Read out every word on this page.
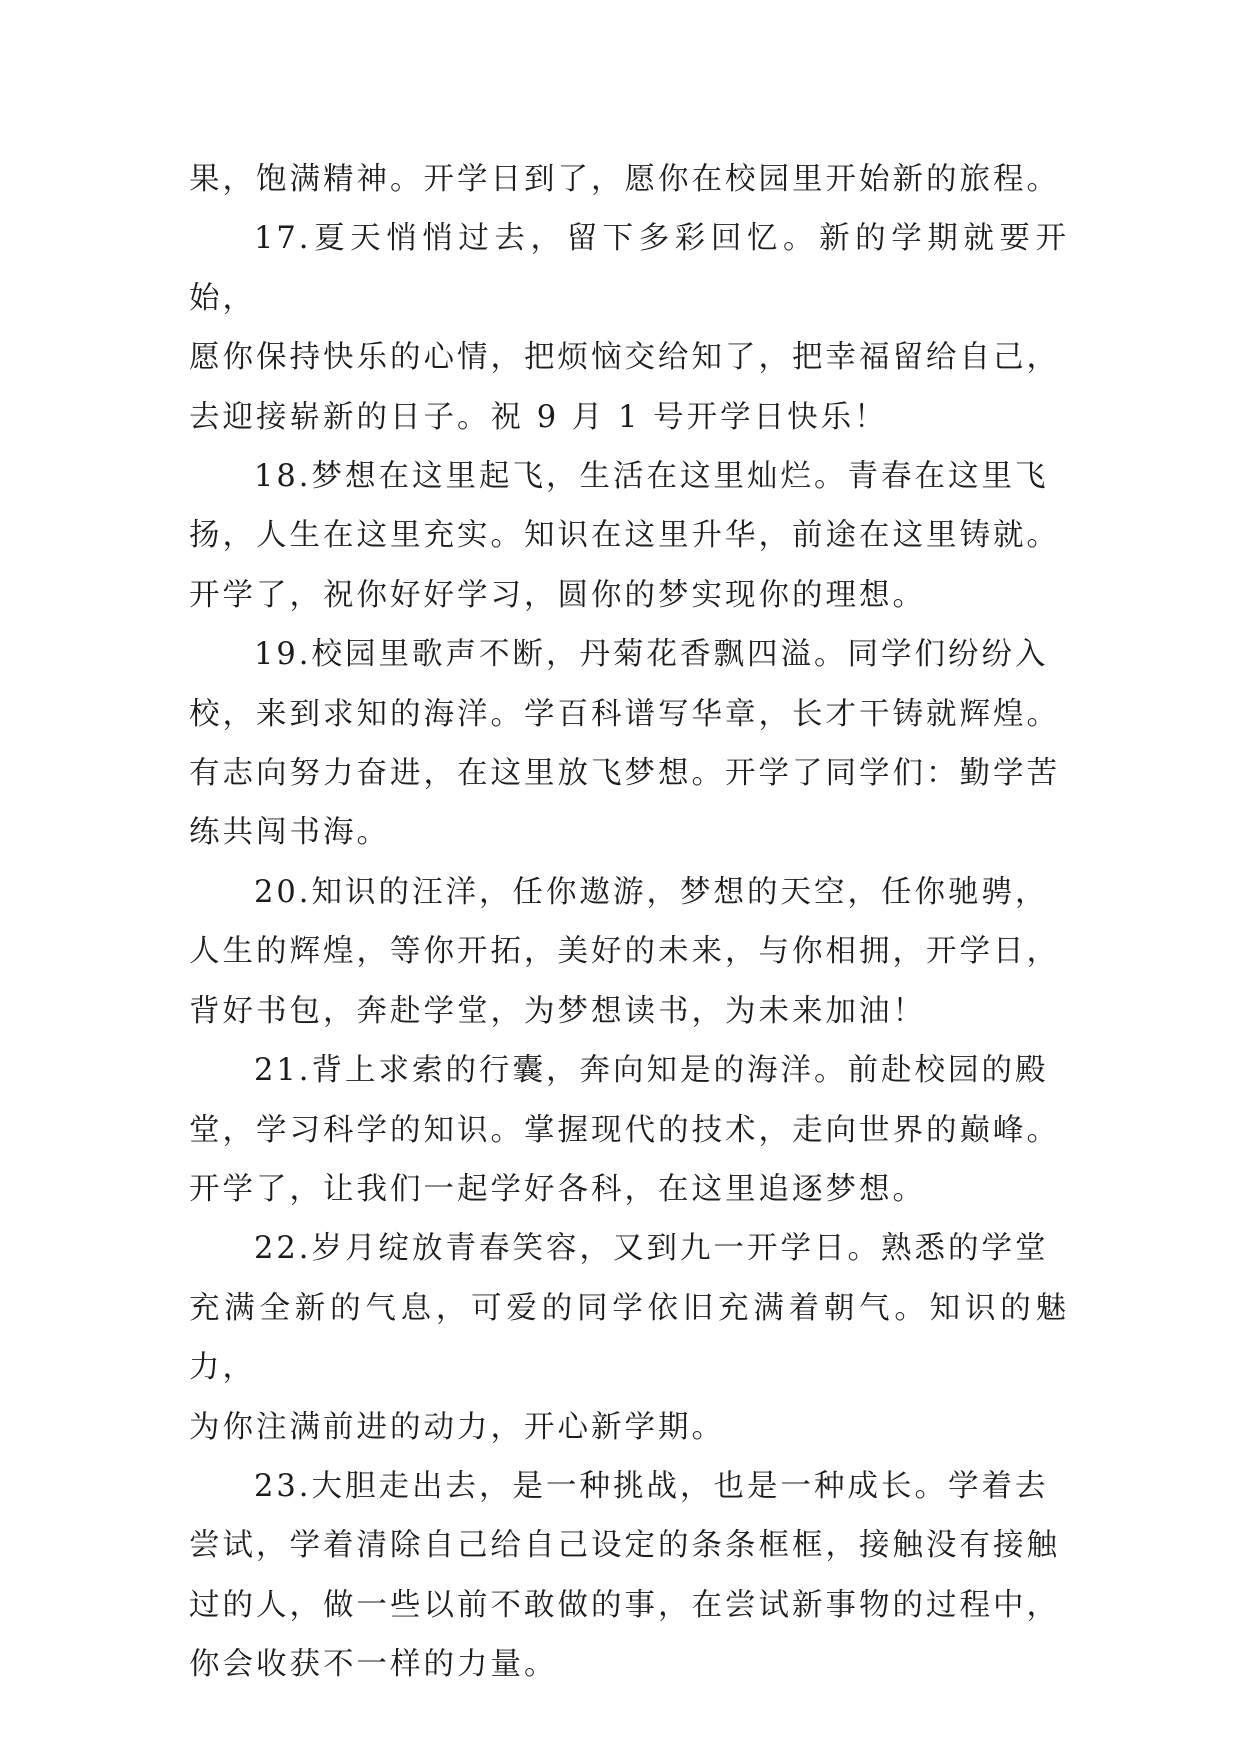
果，饱满精神。开学日到了，愿你在校园里开始新的旅程。

17.夏天悄悄过去，留下多彩回忆。新的学期就要开始，
愿你保持快乐的心情，把烦恼交给知了，把幸福留给自己，
去迎接崭新的日子。祝 9 月 1 号开学日快乐！

18.梦想在这里起飞，生活在这里灿烂。青春在这里飞
扬，人生在这里充实。知识在这里升华，前途在这里铸就。
开学了，祝你好好学习，圆你的梦实现你的理想。

19.校园里歌声不断，丹菊花香飘四溢。同学们纷纷入
校，来到求知的海洋。学百科谱写华章，长才干铸就辉煌。
有志向努力奋进，在这里放飞梦想。开学了同学们：勤学苦
练共闯书海。

20.知识的汪洋，任你遨游，梦想的天空，任你驰骋，
人生的辉煌，等你开拓，美好的未来，与你相拥，开学日，
背好书包，奔赴学堂，为梦想读书，为未来加油！

21.背上求索的行囊，奔向知是的海洋。前赴校园的殿
堂，学习科学的知识。掌握现代的技术，走向世界的巅峰。
开学了，让我们一起学好各科，在这里追逐梦想。

22.岁月绽放青春笑容，又到九一开学日。熟悉的学堂
充满全新的气息，可爱的同学依旧充满着朝气。知识的魅力，
为你注满前进的动力，开心新学期。

23.大胆走出去，是一种挑战，也是一种成长。学着去
尝试，学着清除自己给自己设定的条条框框，接触没有接触
过的人，做一些以前不敢做的事，在尝试新事物的过程中，
你会收获不一样的力量。
